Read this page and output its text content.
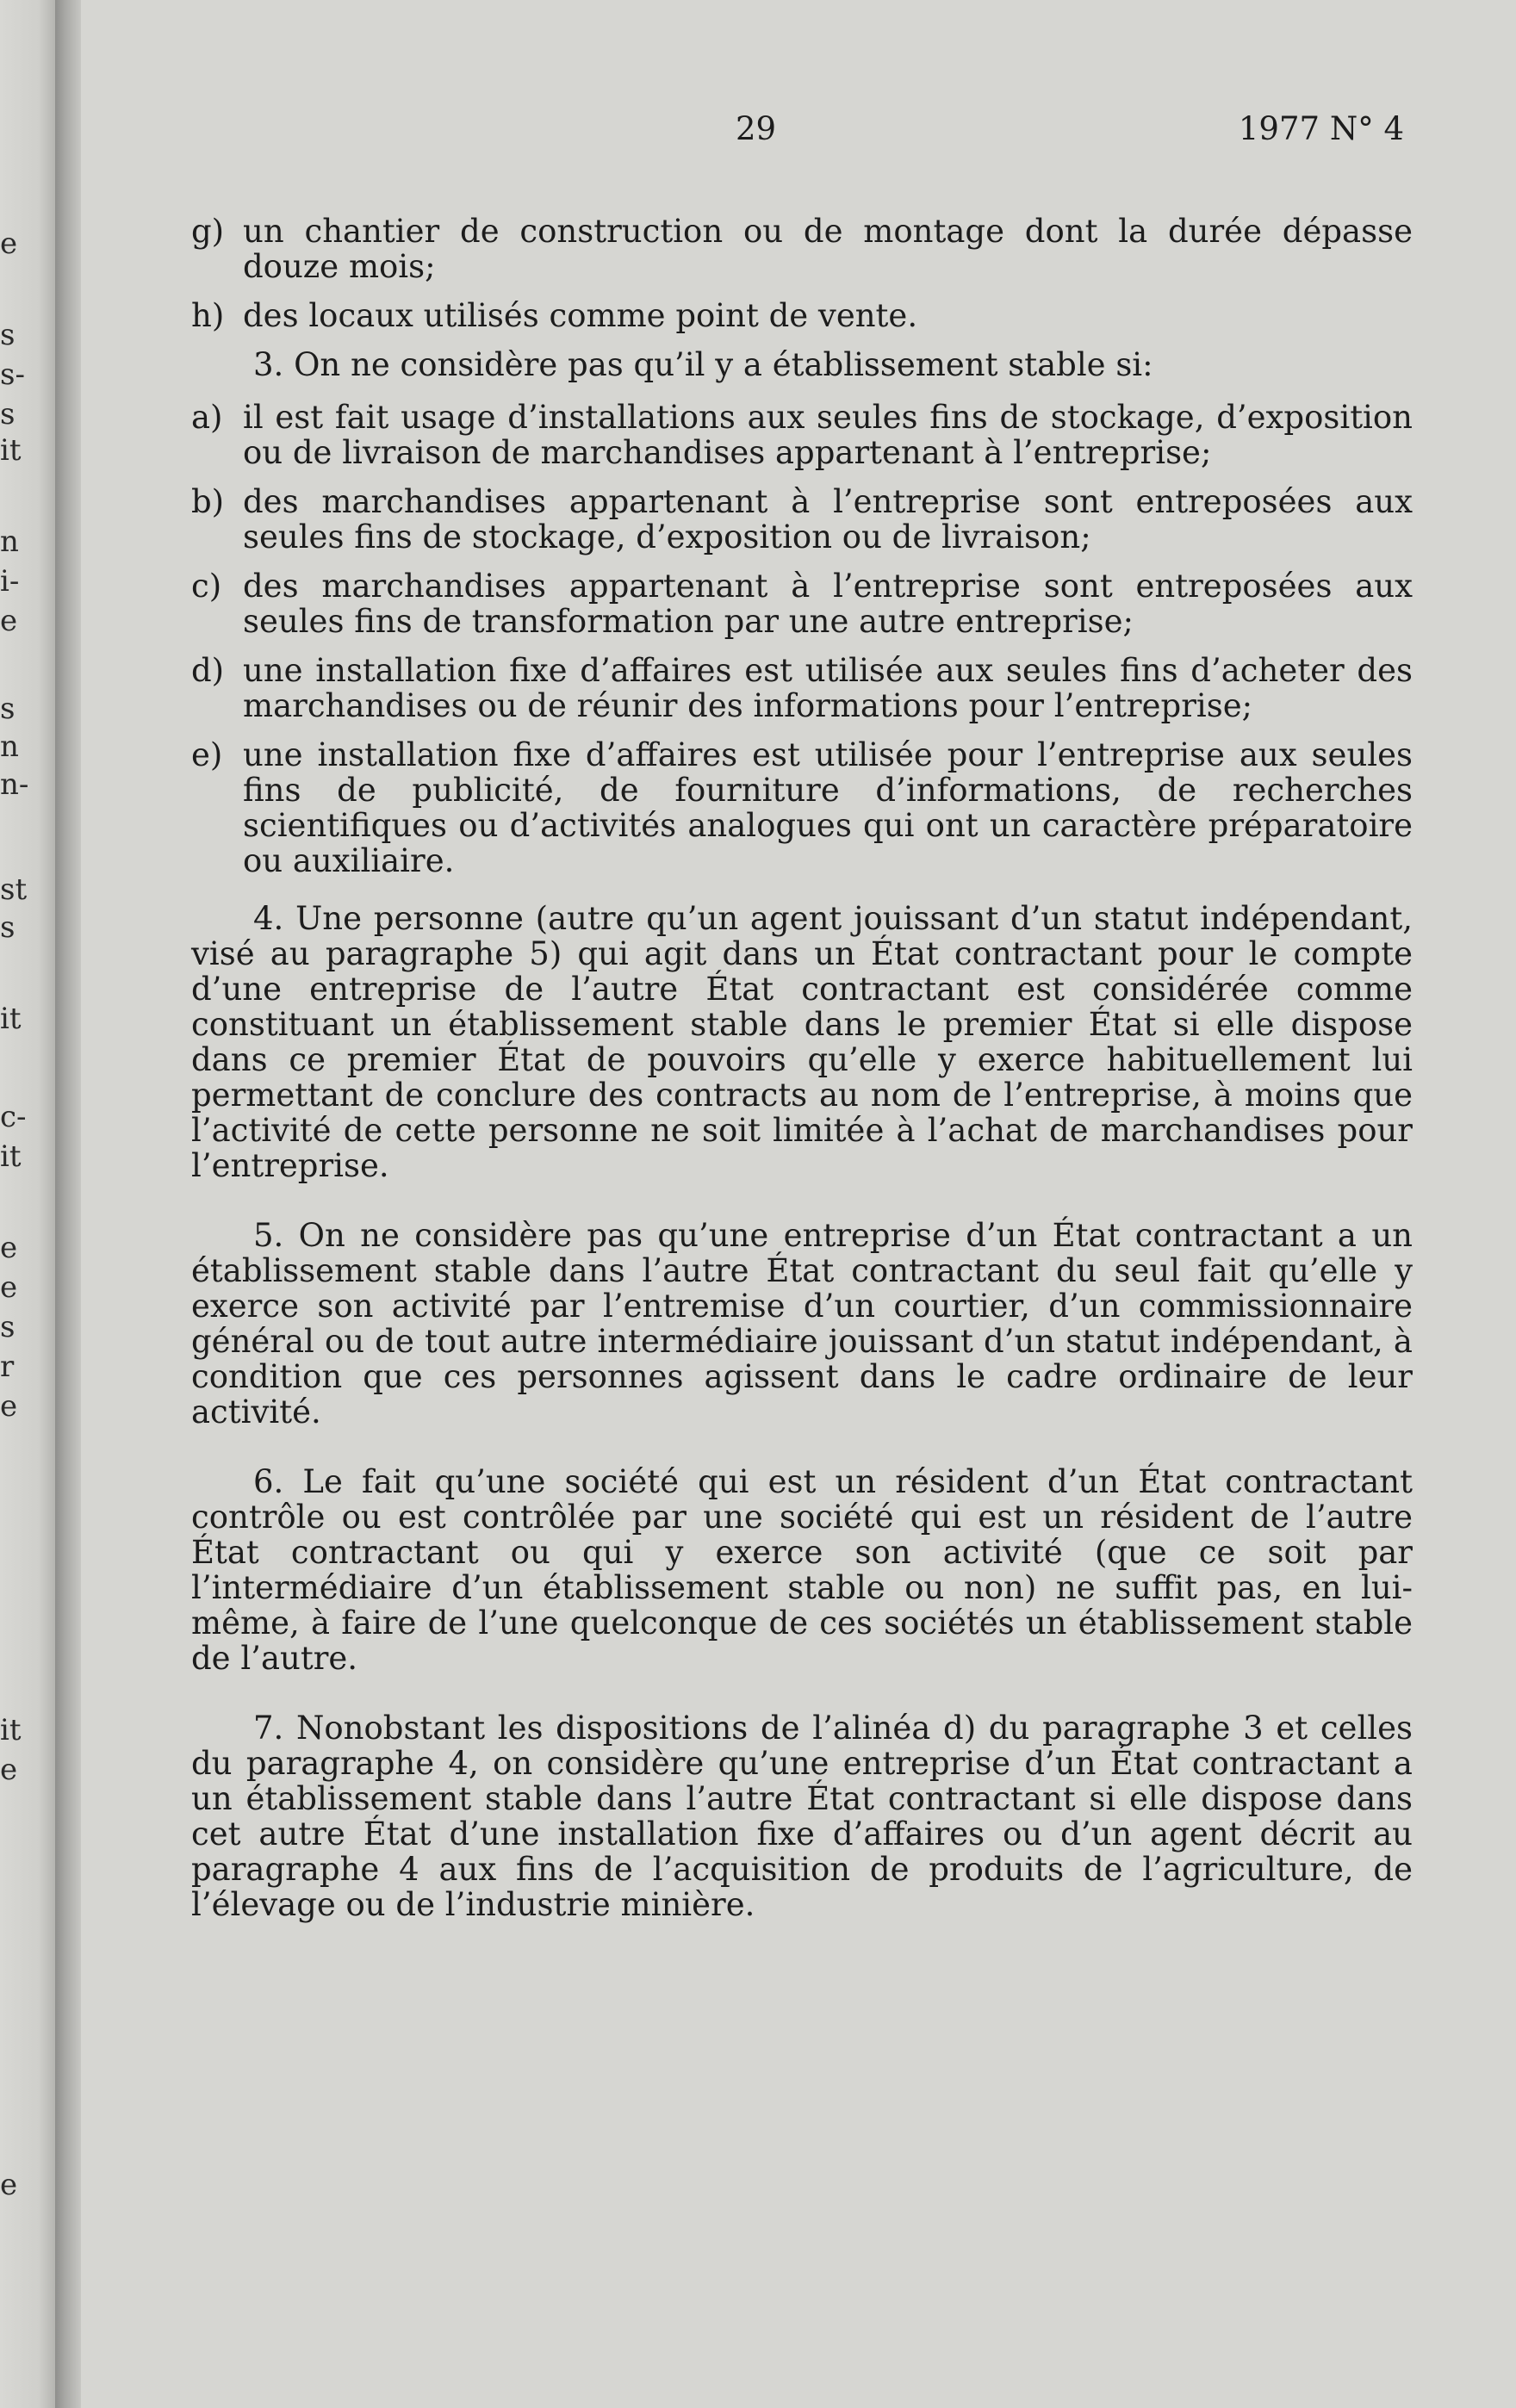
e
s
s-
s
it
n
i-
e
s
n
n-
st
s
it
c-
it
e
e
s
r
e
it
e
e
29	1977 N° 4
g) un chantier de construction ou de montage dont la durée dépasse douze mois;
h) des locaux utilisés comme point de vente.
3. On ne considère pas qu’il y a établissement stable si:
a) il est fait usage d’installations aux seules fins de stockage, d’exposition ou de livraison de marchandises appartenant à l’entreprise;
b) des marchandises appartenant à l’entreprise sont entreposées aux seules fins de stockage, d’exposition ou de livraison;
c) des marchandises appartenant à l’entreprise sont entreposées aux seules fins de transformation par une autre entreprise;
d) une installation fixe d’affaires est utilisée aux seules fins d’acheter des marchandises ou de réunir des informations pour l’entreprise;
e) une installation fixe d’affaires est utilisée pour l’entreprise aux seules fins de publicité, de fourniture d’informations, de recherches scientifiques ou d’activités analogues qui ont un caractère préparatoire ou auxiliaire.

4. Une personne (autre qu’un agent jouissant d’un statut indépendant, visé au paragraphe 5) qui agit dans un État contractant pour le compte d’une entreprise de l’autre État contractant est considérée comme constituant un établissement stable dans le premier État si elle dispose dans ce premier État de pouvoirs qu’elle y exerce habituellement lui permettant de conclure des contracts au nom de l’entreprise, à moins que l’activité de cette personne ne soit limitée à l’achat de marchandises pour l’entreprise.

5. On ne considère pas qu’une entreprise d’un État contractant a un établissement stable dans l’autre État contractant du seul fait qu’elle y exerce son activité par l’entremise d’un courtier, d’un commissionnaire général ou de tout autre intermédiaire jouissant d’un statut indépendant, à condition que ces personnes agissent dans le cadre ordinaire de leur activité.

6. Le fait qu’une société qui est un résident d’un État contractant contrôle ou est contrôlée par une société qui est un résident de l’autre État contractant ou qui y exerce son activité (que ce soit par l’intermédiaire d’un établissement stable ou non) ne suffit pas, en lui-même, à faire de l’une quelconque de ces sociétés un établissement stable de l’autre.

7. Nonobstant les dispositions de l’alinéa d) du paragraphe 3 et celles du paragraphe 4, on considère qu’une entreprise d’un État contractant a un établissement stable dans l’autre État contractant si elle dispose dans cet autre État d’une installation fixe d’affaires ou d’un agent décrit au paragraphe 4 aux fins de l’acquisition de produits de l’agriculture, de l’élevage ou de l’industrie minière.
